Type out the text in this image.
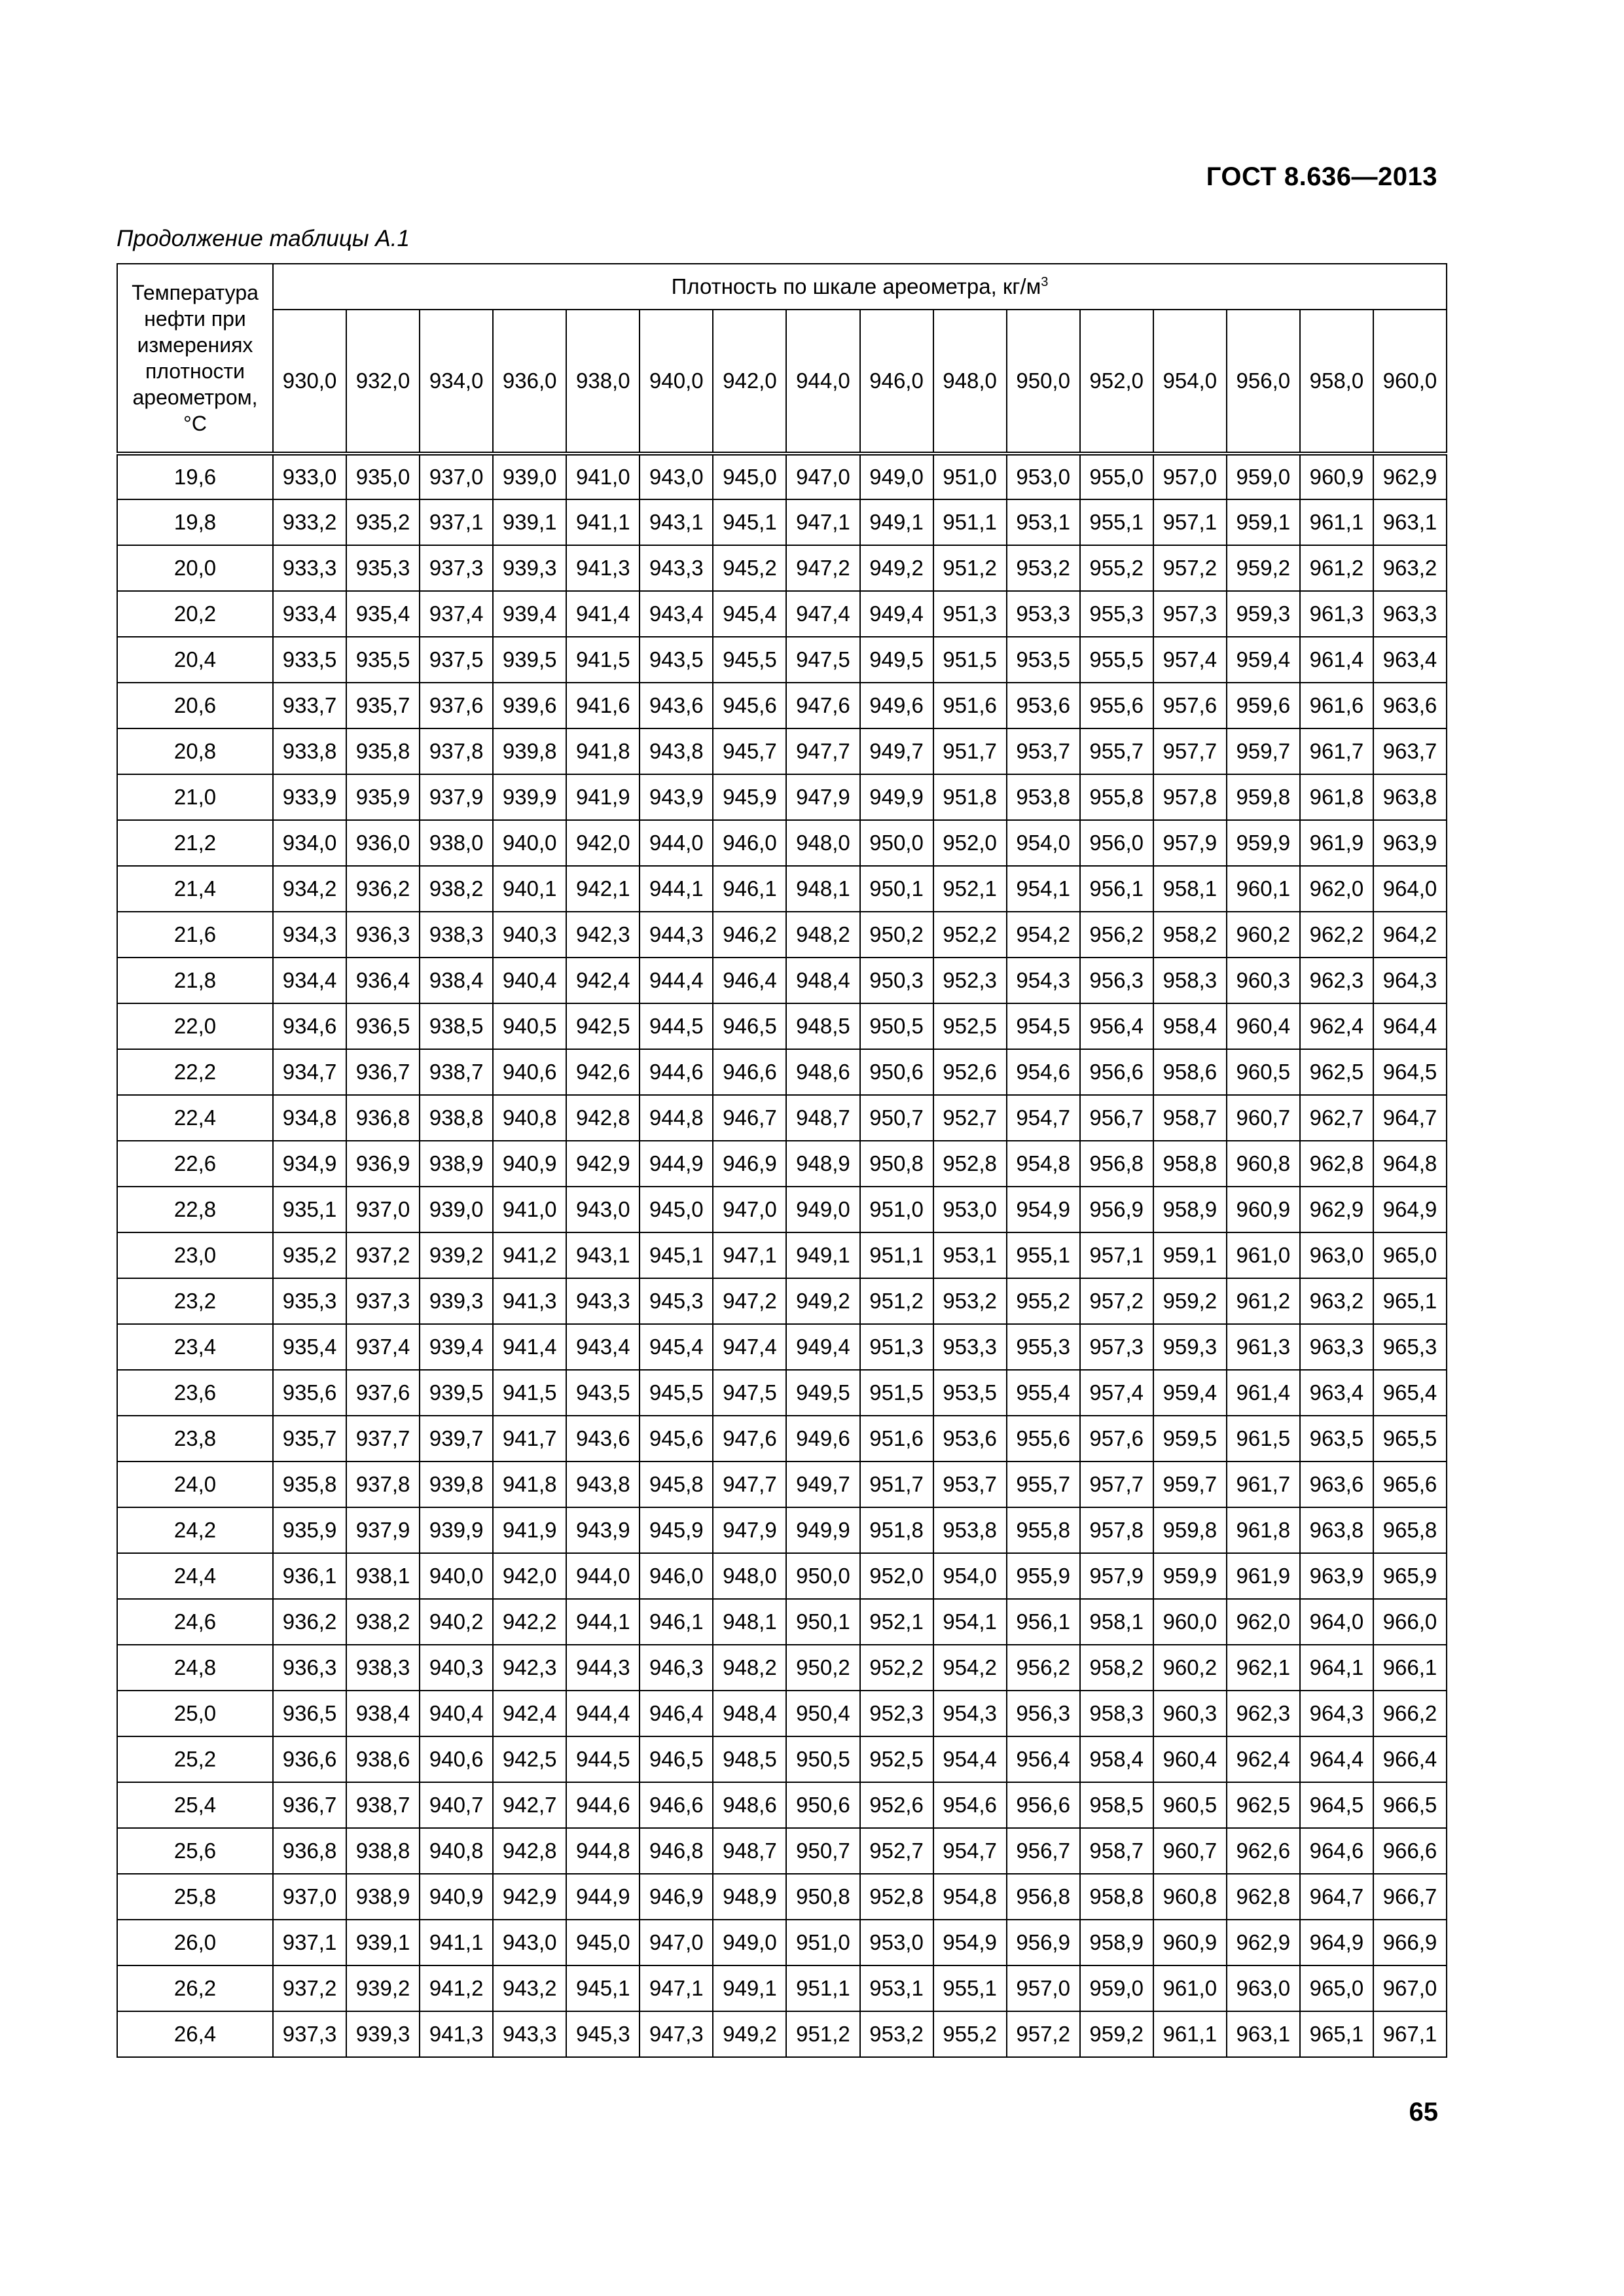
ГОСТ 8.636—2013
Продолжение таблицы А.1
Температура нефти при измерениях плотности ареометром, °С	Плотность по шкале ареометра, $кг/м^3$
	930,0	932,0	934,0	936,0	938,0	940,0	942,0	944,0	946,0	948,0	950,0	952,0	954,0	956,0	958,0	960,0
19,6	933,0	935,0	937,0	939,0	941,0	943,0	945,0	947,0	949,0	951,0	953,0	955,0	957,0	959,0	960,9	962,9
19,8	933,2	935,2	937,1	939,1	941,1	943,1	945,1	947,1	949,1	951,1	953,1	955,1	957,1	959,1	961,1	963,1
20,0	933,3	935,3	937,3	939,3	941,3	943,3	945,2	947,2	949,2	951,2	953,2	955,2	957,2	959,2	961,2	963,2
20,2	933,4	935,4	937,4	939,4	941,4	943,4	945,4	947,4	949,4	951,3	953,3	955,3	957,3	959,3	961,3	963,3
20,4	933,5	935,5	937,5	939,5	941,5	943,5	945,5	947,5	949,5	951,5	953,5	955,5	957,4	959,4	961,4	963,4
20,6	933,7	935,7	937,6	939,6	941,6	943,6	945,6	947,6	949,6	951,6	953,6	955,6	957,6	959,6	961,6	963,6
20,8	933,8	935,8	937,8	939,8	941,8	943,8	945,7	947,7	949,7	951,7	953,7	955,7	957,7	959,7	961,7	963,7
21,0	933,9	935,9	937,9	939,9	941,9	943,9	945,9	947,9	949,9	951,8	953,8	955,8	957,8	959,8	961,8	963,8
21,2	934,0	936,0	938,0	940,0	942,0	944,0	946,0	948,0	950,0	952,0	954,0	956,0	957,9	959,9	961,9	963,9
21,4	934,2	936,2	938,2	940,1	942,1	944,1	946,1	948,1	950,1	952,1	954,1	956,1	958,1	960,1	962,0	964,0
21,6	934,3	936,3	938,3	940,3	942,3	944,3	946,2	948,2	950,2	952,2	954,2	956,2	958,2	960,2	962,2	964,2
21,8	934,4	936,4	938,4	940,4	942,4	944,4	946,4	948,4	950,3	952,3	954,3	956,3	958,3	960,3	962,3	964,3
22,0	934,6	936,5	938,5	940,5	942,5	944,5	946,5	948,5	950,5	952,5	954,5	956,4	958,4	960,4	962,4	964,4
22,2	934,7	936,7	938,7	940,6	942,6	944,6	946,6	948,6	950,6	952,6	954,6	956,6	958,6	960,5	962,5	964,5
22,4	934,8	936,8	938,8	940,8	942,8	944,8	946,7	948,7	950,7	952,7	954,7	956,7	958,7	960,7	962,7	964,7
22,6	934,9	936,9	938,9	940,9	942,9	944,9	946,9	948,9	950,8	952,8	954,8	956,8	958,8	960,8	962,8	964,8
22,8	935,1	937,0	939,0	941,0	943,0	945,0	947,0	949,0	951,0	953,0	954,9	956,9	958,9	960,9	962,9	964,9
23,0	935,2	937,2	939,2	941,2	943,1	945,1	947,1	949,1	951,1	953,1	955,1	957,1	959,1	961,0	963,0	965,0
23,2	935,3	937,3	939,3	941,3	943,3	945,3	947,2	949,2	951,2	953,2	955,2	957,2	959,2	961,2	963,2	965,1
23,4	935,4	937,4	939,4	941,4	943,4	945,4	947,4	949,4	951,3	953,3	955,3	957,3	959,3	961,3	963,3	965,3
23,6	935,6	937,6	939,5	941,5	943,5	945,5	947,5	949,5	951,5	953,5	955,4	957,4	959,4	961,4	963,4	965,4
23,8	935,7	937,7	939,7	941,7	943,6	945,6	947,6	949,6	951,6	953,6	955,6	957,6	959,5	961,5	963,5	965,5
24,0	935,8	937,8	939,8	941,8	943,8	945,8	947,7	949,7	951,7	953,7	955,7	957,7	959,7	961,7	963,6	965,6
24,2	935,9	937,9	939,9	941,9	943,9	945,9	947,9	949,9	951,8	953,8	955,8	957,8	959,8	961,8	963,8	965,8
24,4	936,1	938,1	940,0	942,0	944,0	946,0	948,0	950,0	952,0	954,0	955,9	957,9	959,9	961,9	963,9	965,9
24,6	936,2	938,2	940,2	942,2	944,1	946,1	948,1	950,1	952,1	954,1	956,1	958,1	960,0	962,0	964,0	966,0
24,8	936,3	938,3	940,3	942,3	944,3	946,3	948,2	950,2	952,2	954,2	956,2	958,2	960,2	962,1	964,1	966,1
25,0	936,5	938,4	940,4	942,4	944,4	946,4	948,4	950,4	952,3	954,3	956,3	958,3	960,3	962,3	964,3	966,2
25,2	936,6	938,6	940,6	942,5	944,5	946,5	948,5	950,5	952,5	954,4	956,4	958,4	960,4	962,4	964,4	966,4
25,4	936,7	938,7	940,7	942,7	944,6	946,6	948,6	950,6	952,6	954,6	956,6	958,5	960,5	962,5	964,5	966,5
25,6	936,8	938,8	940,8	942,8	944,8	946,8	948,7	950,7	952,7	954,7	956,7	958,7	960,7	962,6	964,6	966,6
25,8	937,0	938,9	940,9	942,9	944,9	946,9	948,9	950,8	952,8	954,8	956,8	958,8	960,8	962,8	964,7	966,7
26,0	937,1	939,1	941,1	943,0	945,0	947,0	949,0	951,0	953,0	954,9	956,9	958,9	960,9	962,9	964,9	966,9
26,2	937,2	939,2	941,2	943,2	945,1	947,1	949,1	951,1	953,1	955,1	957,0	959,0	961,0	963,0	965,0	967,0
26,4	937,3	939,3	941,3	943,3	945,3	947,3	949,2	951,2	953,2	955,2	957,2	959,2	961,1	963,1	965,1	967,1
65
